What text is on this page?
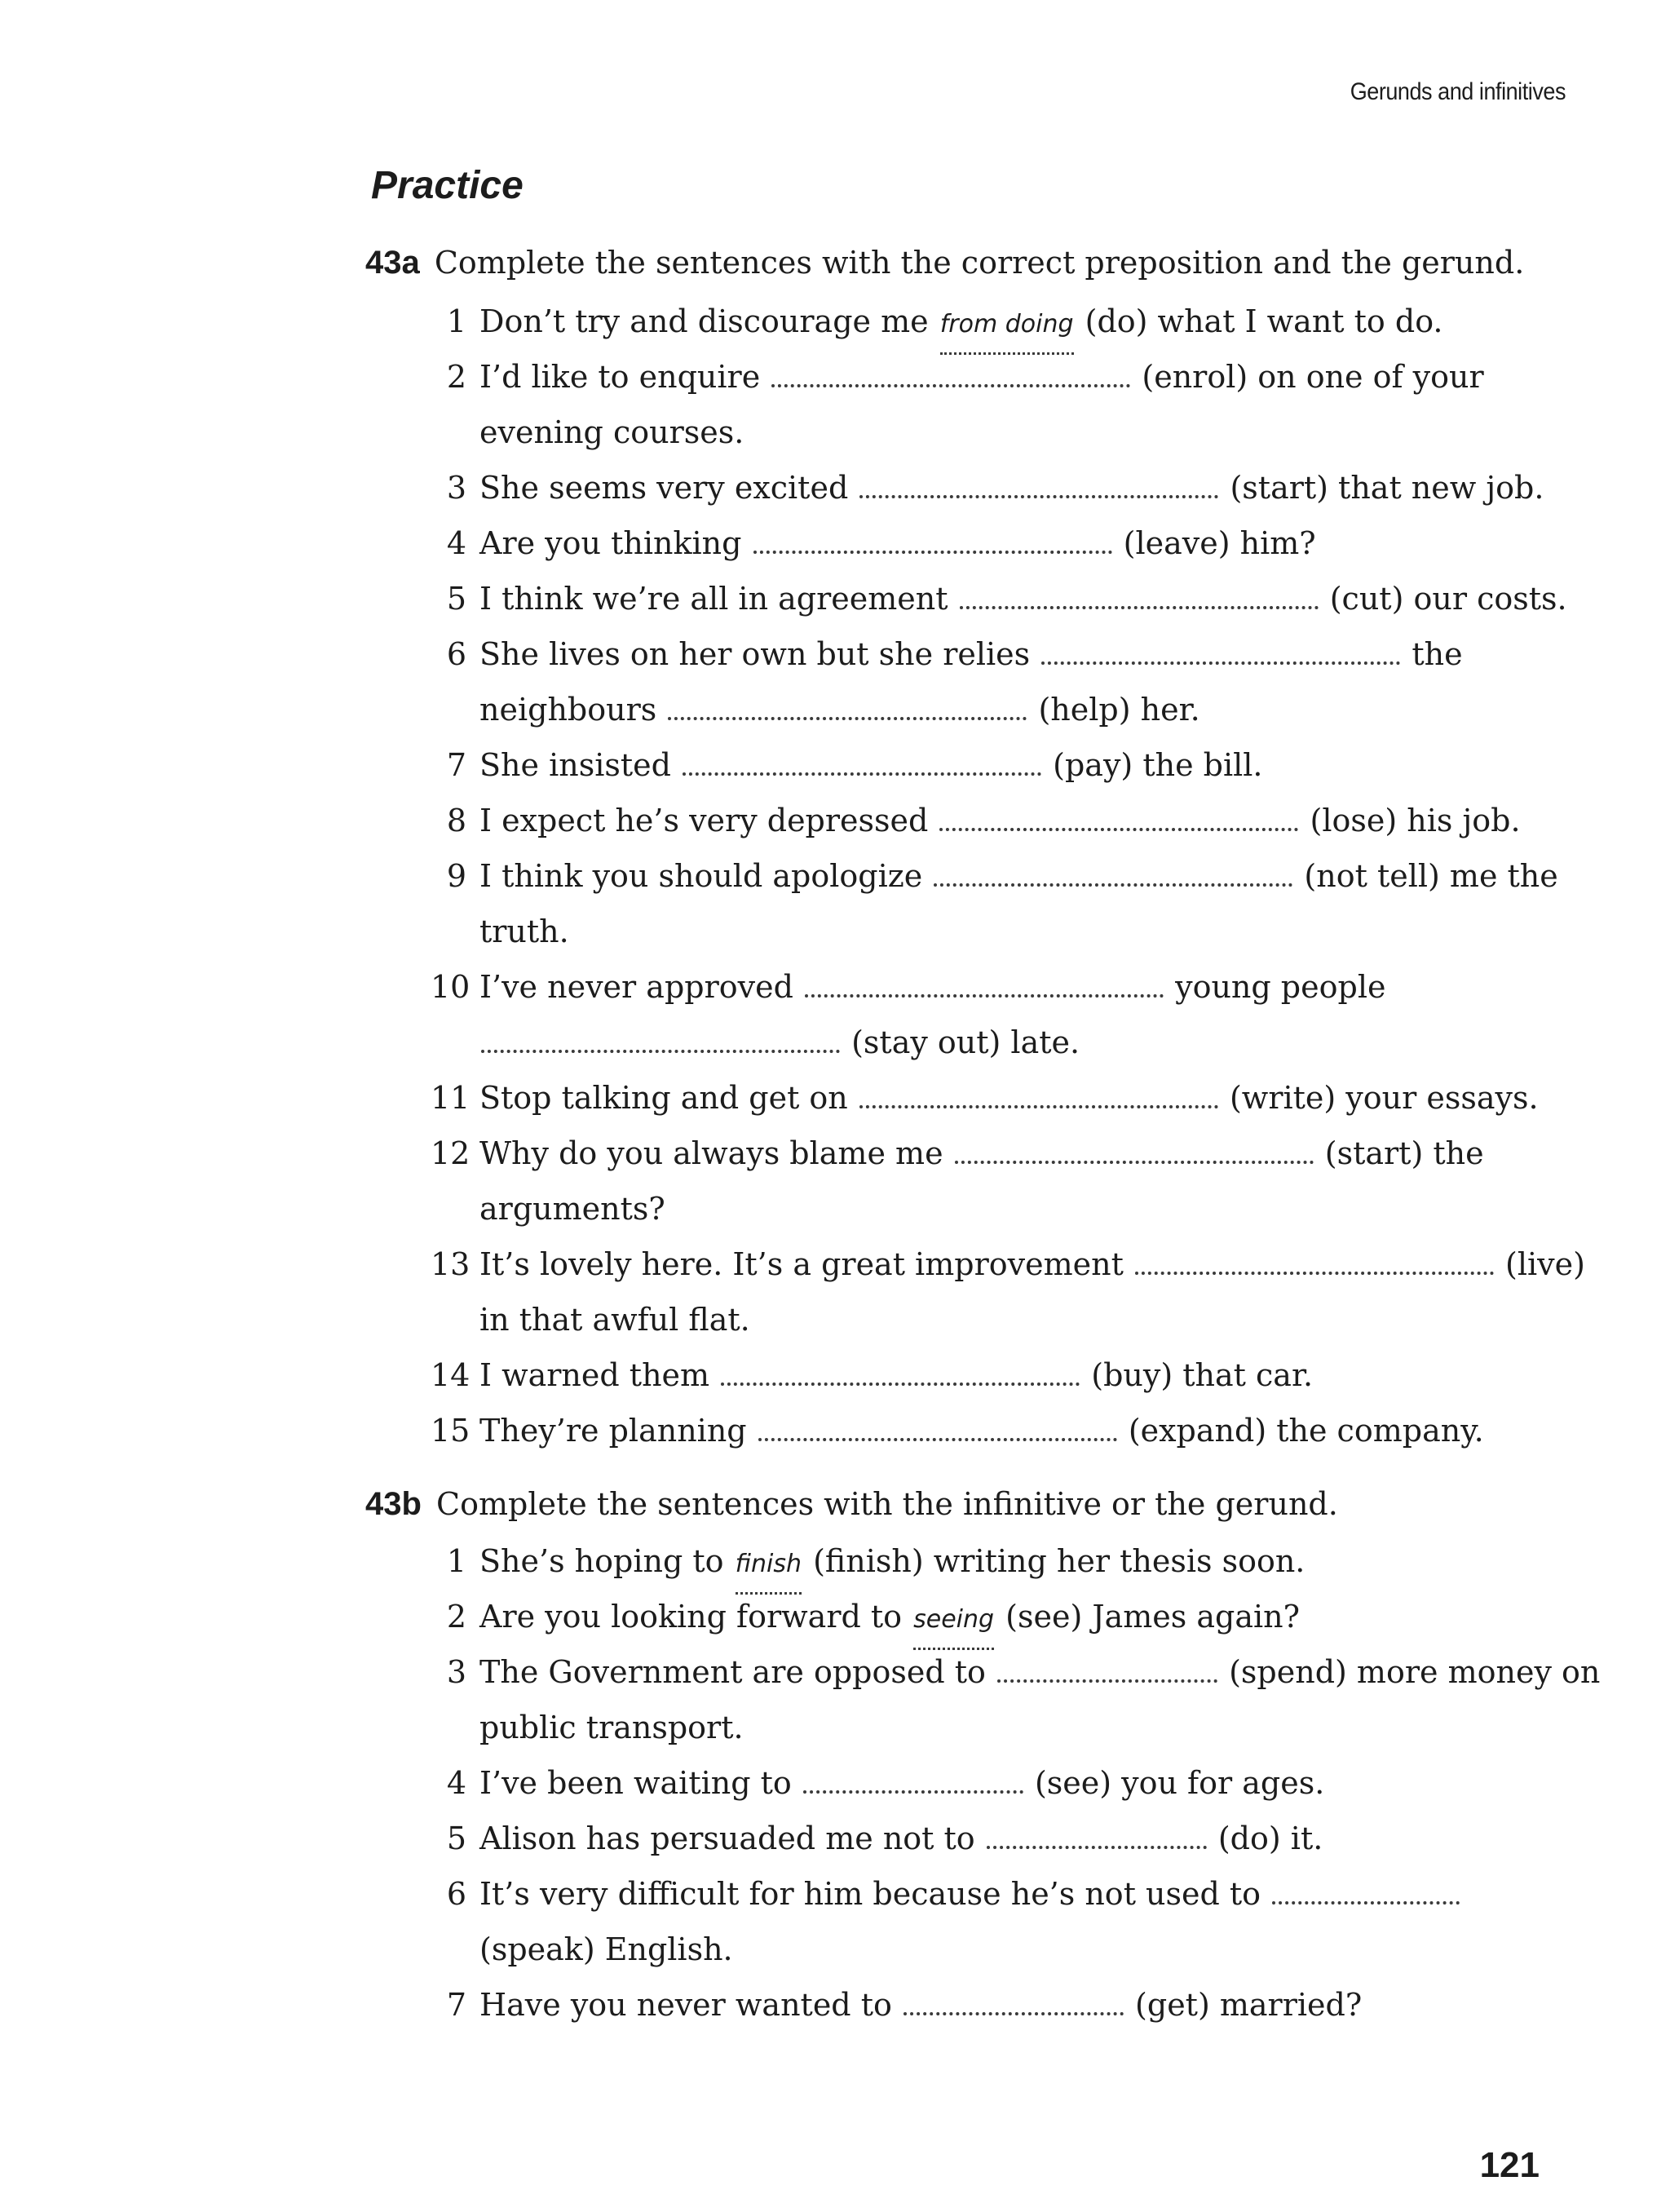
Gerunds and infinitives
Practice
43a Complete the sentences with the correct preposition and the gerund.
1 Don’t try and discourage me from doing (do) what I want to do.
2 I’d like to enquire	(enrol) on one of your
evening courses.
3 She seems very excited	(start) that new job.
4 Are you thinking	(leave) him?
5 I think we’re all in agreement	(cut) our costs.
6 She lives on her own but she relies	the
neighbours	(help) her.
7 She insisted	(pay) the bill.
8 I expect he’s very depressed	(lose) his job.
9 I think you should apologize	(not tell) me the
truth.
10 I’ve never approved	young people
(stay out) late.
11 Stop talking and get on	(write) your essays.
12 Why do you always blame me	(start) the
arguments?
13 It’s lovely here. It’s a great improvement	(live)
in that awful flat.
14 I warned them	(buy) that car.
15 They’re planning	(expand) the company.
43b Complete the sentences with the infinitive or the gerund.
1 She’s hoping to finish (finish) writing her thesis soon.
2 Are you looking forward to seeing (see) James again?
3 The Government are opposed to	(spend) more money on
public transport.
4 I’ve been waiting to	(see) you for ages.
5 Alison has persuaded me not to	(do) it.
6 It’s very difficult for him because he’s not used to
(speak) English.
7 Have you never wanted to	(get) married?
121
